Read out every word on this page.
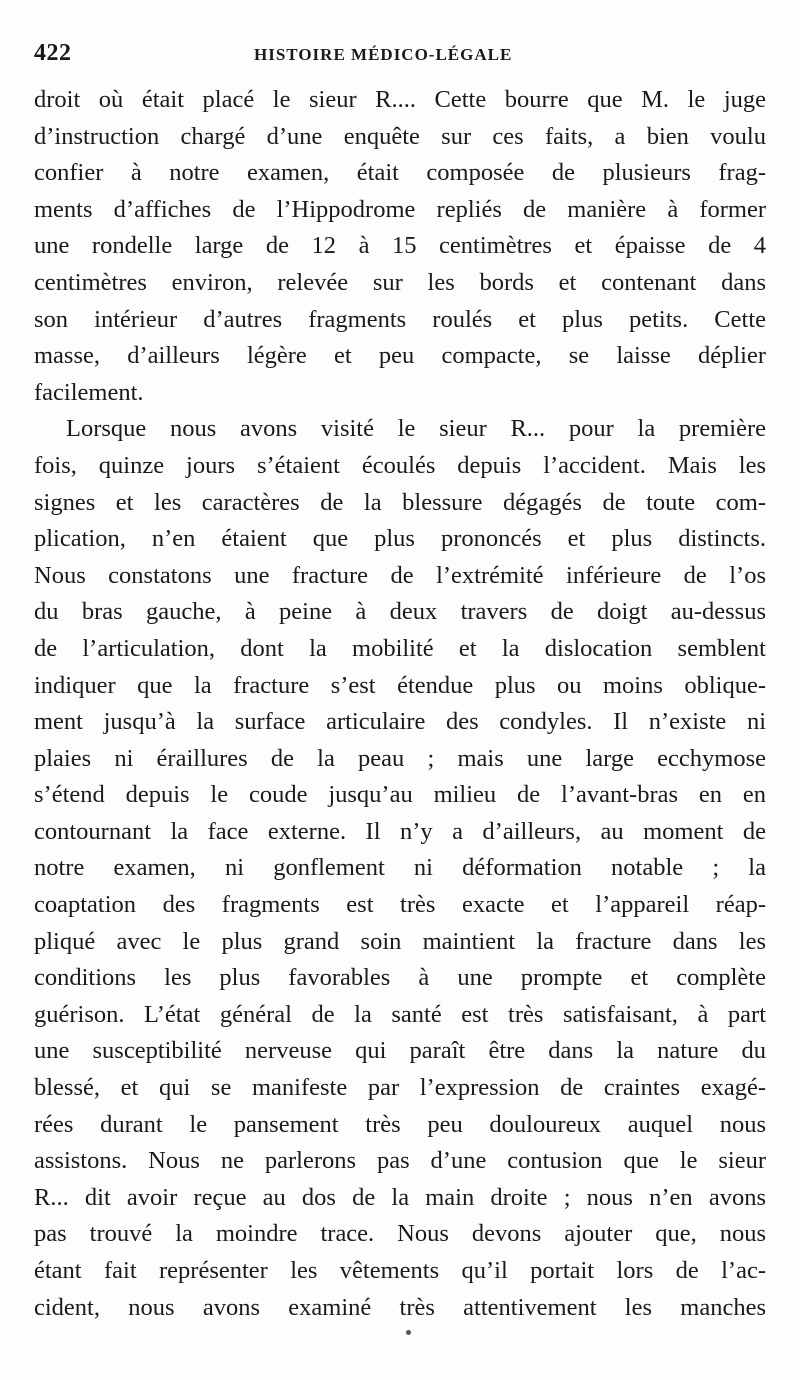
422	HISTOIRE MÉDICO-LÉGALE
droit où était placé le sieur R.... Cette bourre que M. le juge
d’instruction chargé d’une enquête sur ces faits, a bien voulu
confier à notre examen, était composée de plusieurs frag-
ments d’affiches de l’Hippodrome repliés de manière à former
une rondelle large de 12 à 15 centimètres et épaisse de 4
centimètres environ, relevée sur les bords et contenant dans
son intérieur d’autres fragments roulés et plus petits. Cette
masse, d’ailleurs légère et peu compacte, se laisse déplier
facilement.
Lorsque nous avons visité le sieur R... pour la première
fois, quinze jours s’étaient écoulés depuis l’accident. Mais les
signes et les caractères de la blessure dégagés de toute com-
plication, n’en étaient que plus prononcés et plus distincts.
Nous constatons une fracture de l’extrémité inférieure de l’os
du bras gauche, à peine à deux travers de doigt au-dessus
de l’articulation, dont la mobilité et la dislocation semblent
indiquer que la fracture s’est étendue plus ou moins oblique-
ment jusqu’à la surface articulaire des condyles. Il n’existe ni
plaies ni éraillures de la peau ; mais une large ecchymose
s’étend depuis le coude jusqu’au milieu de l’avant-bras en en
contournant la face externe. Il n’y a d’ailleurs, au moment de
notre examen, ni gonflement ni déformation notable ; la
coaptation des fragments est très exacte et l’appareil réap-
pliqué avec le plus grand soin maintient la fracture dans les
conditions les plus favorables à une prompte et complète
guérison. L’état général de la santé est très satisfaisant, à part
une susceptibilité nerveuse qui paraît être dans la nature du
blessé, et qui se manifeste par l’expression de craintes exagé-
rées durant le pansement très peu douloureux auquel nous
assistons. Nous ne parlerons pas d’une contusion que le sieur
R... dit avoir reçue au dos de la main droite ; nous n’en avons
pas trouvé la moindre trace. Nous devons ajouter que, nous
étant fait représenter les vêtements qu’il portait lors de l’ac-
cident, nous avons examiné très attentivement les manches
